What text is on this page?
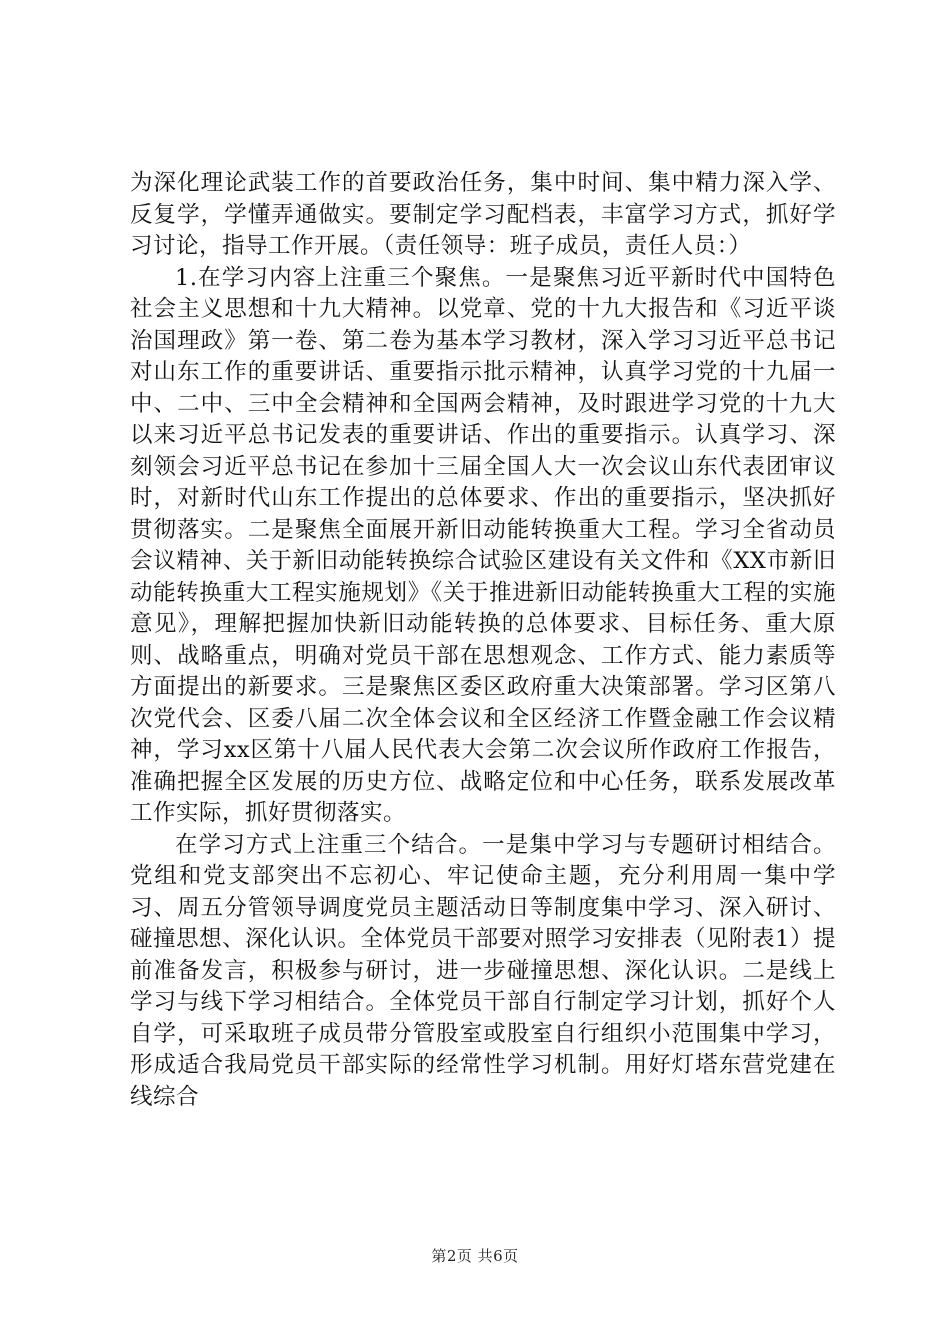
为深化理论武装工作的首要政治任务，集中时间、集中精力深入学、反复学，学懂弄通做实。要制定学习配档表，丰富学习方式，抓好学习讨论，指导工作开展。（责任领导：班子成员，责任人员：）

1.在学习内容上注重三个聚焦。一是聚焦习近平新时代中国特色社会主义思想和十九大精神。以党章、党的十九大报告和《习近平谈治国理政》第一卷、第二卷为基本学习教材，深入学习习近平总书记对山东工作的重要讲话、重要指示批示精神，认真学习党的十九届一中、二中、三中全会精神和全国两会精神，及时跟进学习党的十九大以来习近平总书记发表的重要讲话、作出的重要指示。认真学习、深刻领会习近平总书记在参加十三届全国人大一次会议山东代表团审议时，对新时代山东工作提出的总体要求、作出的重要指示，坚决抓好贯彻落实。二是聚焦全面展开新旧动能转换重大工程。学习全省动员会议精神、关于新旧动能转换综合试验区建设有关文件和《XX市新旧动能转换重大工程实施规划》《关于推进新旧动能转换重大工程的实施意见》，理解把握加快新旧动能转换的总体要求、目标任务、重大原则、战略重点，明确对党员干部在思想观念、工作方式、能力素质等方面提出的新要求。三是聚焦区委区政府重大决策部署。学习区第八次党代会、区委八届二次全体会议和全区经济工作暨金融工作会议精神，学习xx区第十八届人民代表大会第二次会议所作政府工作报告，准确把握全区发展的历史方位、战略定位和中心任务，联系发展改革工作实际，抓好贯彻落实。

在学习方式上注重三个结合。一是集中学习与专题研讨相结合。党组和党支部突出不忘初心、牢记使命主题，充分利用周一集中学习、周五分管领导调度党员主题活动日等制度集中学习、深入研讨、碰撞思想、深化认识。全体党员干部要对照学习安排表（见附表1）提前准备发言，积极参与研讨，进一步碰撞思想、深化认识。二是线上学习与线下学习相结合。全体党员干部自行制定学习计划，抓好个人自学，可采取班子成员带分管股室或股室自行组织小范围集中学习，形成适合我局党员干部实际的经常性学习机制。用好灯塔东营党建在线综合

第2页 共6页
